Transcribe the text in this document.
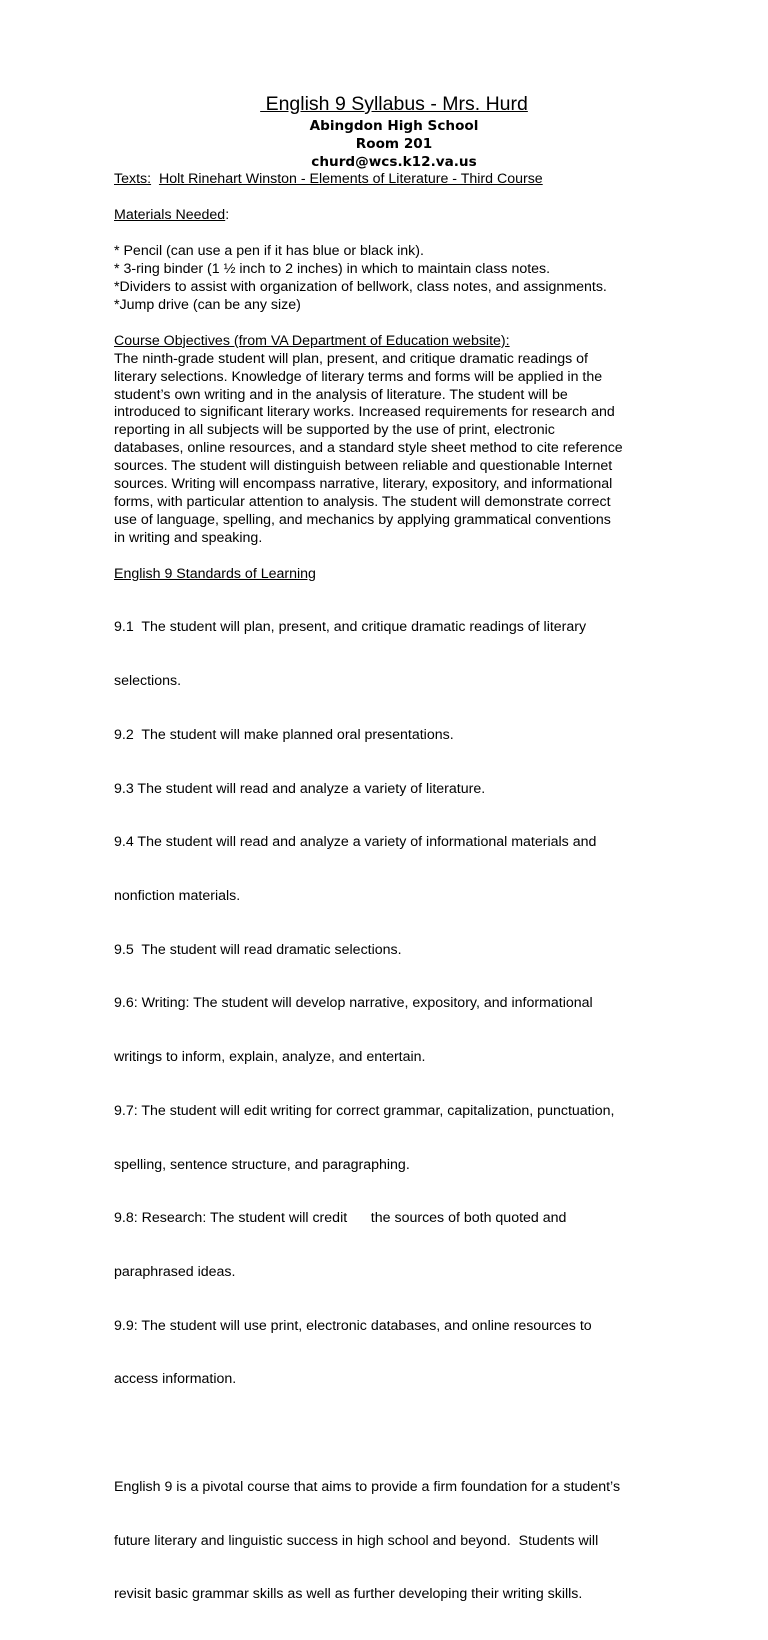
English 9 Syllabus - Mrs. Hurd
Abingdon High School
Room 201
churd@wcs.k12.va.us
Texts: Holt Rinehart Winston - Elements of Literature - Third Course
Materials Needed:
* Pencil (can use a pen if it has blue or black ink).
* 3-ring binder (1 ½ inch to 2 inches) in which to maintain class notes.
*Dividers to assist with organization of bellwork, class notes, and assignments.
*Jump drive (can be any size)
Course Objectives (from VA Department of Education website):
The ninth-grade student will plan, present, and critique dramatic readings of
literary selections. Knowledge of literary terms and forms will be applied in the
student’s own writing and in the analysis of literature. The student will be
introduced to significant literary works. Increased requirements for research and
reporting in all subjects will be supported by the use of print, electronic
databases, online resources, and a standard style sheet method to cite reference
sources. The student will distinguish between reliable and questionable Internet
sources. Writing will encompass narrative, literary, expository, and informational
forms, with particular attention to analysis. The student will demonstrate correct
use of language, spelling, and mechanics by applying grammatical conventions
in writing and speaking.
English 9 Standards of Learning

9.1  The student will plan, present, and critique dramatic readings of literary

selections.

9.2  The student will make planned oral presentations.

9.3 The student will read and analyze a variety of literature.

9.4 The student will read and analyze a variety of informational materials and

nonfiction materials.

9.5  The student will read dramatic selections.

9.6: Writing: The student will develop narrative, expository, and informational

writings to inform, explain, analyze, and entertain.

9.7: The student will edit writing for correct grammar, capitalization, punctuation,

spelling, sentence structure, and paragraphing.

9.8: Research: The student will credit      the sources of both quoted and

paraphrased ideas.

9.9: The student will use print, electronic databases, and online resources to

access information.

English 9 is a pivotal course that aims to provide a firm foundation for a student’s

future literary and linguistic success in high school and beyond.  Students will

revisit basic grammar skills as well as further developing their writing skills.
